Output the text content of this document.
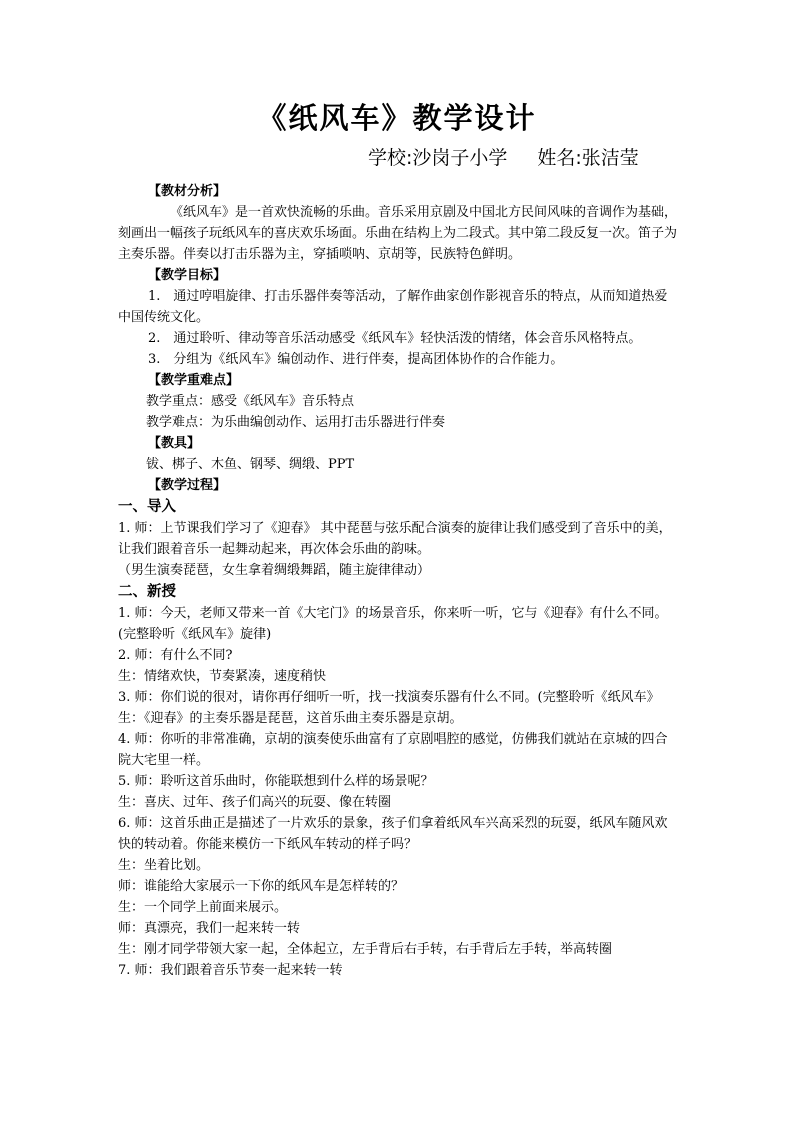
《纸风车》教学设计
学校:沙岗子小学 姓名:张洁莹

【教材分析】

《纸风车》是一首欢快流畅的乐曲。音乐采用京剧及中国北方民间风味的音调作为基础，刻画出一幅孩子玩纸风车的喜庆欢乐场面。乐曲在结构上为二段式。其中第二段反复一次。笛子为主奏乐器。伴奏以打击乐器为主，穿插唢呐、京胡等，民族特色鲜明。

【教学目标】

1.　通过哼唱旋律、打击乐器伴奏等活动，了解作曲家创作影视音乐的特点，从而知道热爱中国传统文化。

2.　通过聆听、律动等音乐活动感受《纸风车》轻快活泼的情绪，体会音乐风格特点。

3.　分组为《纸风车》编创动作、进行伴奏，提高团体协作的合作能力。

【教学重难点】

教学重点：感受《纸风车》音乐特点

教学难点：为乐曲编创动作、运用打击乐器进行伴奏

【教具】

钹、梆子、木鱼、钢琴、绸缎、PPT

【教学过程】

一、导入

1. 师：上节课我们学习了《迎春》 其中琵琶与弦乐配合演奏的旋律让我们感受到了音乐中的美，让我们跟着音乐一起舞动起来，再次体会乐曲的韵味。

（男生演奏琵琶，女生拿着绸缎舞蹈，随主旋律律动）

二、新授

1. 师：今天，老师又带来一首《大宅门》的场景音乐，你来听一听，它与《迎春》有什么不同。(完整聆听《纸风车》旋律)

2. 师：有什么不同?

生：情绪欢快，节奏紧凑，速度稍快

3. 师：你们说的很对，请你再仔细听一听，找一找演奏乐器有什么不同。(完整聆听《纸风车》

生：《迎春》的主奏乐器是琵琶，这首乐曲主奏乐器是京胡。

4. 师：你听的非常准确，京胡的演奏使乐曲富有了京剧唱腔的感觉，仿佛我们就站在京城的四合院大宅里一样。

5. 师：聆听这首乐曲时，你能联想到什么样的场景呢？

生：喜庆、过年、孩子们高兴的玩耍、像在转圈

6. 师：这首乐曲正是描述了一片欢乐的景象，孩子们拿着纸风车兴高采烈的玩耍，纸风车随风欢快的转动着。你能来模仿一下纸风车转动的样子吗？

生：坐着比划。

师：谁能给大家展示一下你的纸风车是怎样转的？

生：一个同学上前面来展示。

师：真漂亮，我们一起来转一转

生：刚才同学带领大家一起，全体起立，左手背后右手转，右手背后左手转，举高转圈

7. 师：我们跟着音乐节奏一起来转一转
